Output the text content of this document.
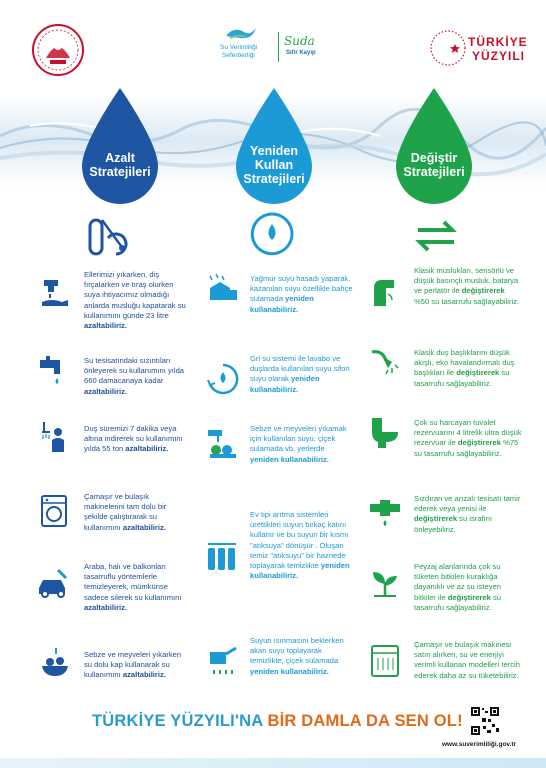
Su Verimliliği
Seferberliği
Suda
Sıfır Kayıp
TÜRKİYE
YÜZYILI
Azalt
Stratejileri
Ellerimizi yıkarken, diş fırçalarken ve tıraş olurken suya ihtiyacımız olmadığı anlarda musluğu kapatarak su kullanımını günde 23 litre azaltabiliriz.
Su tesisatındaki sızıntıları önleyerek su kullanımını yılda 660 damacanaya kadar azaltabiliriz.
Duş süremizi 7 dakika veya altına indirerek su kullanımını yılda 55 ton azaltabiliriz.
Çamaşır ve bulaşık makinelerini tam dolu bir şekilde çalıştırarak su kullanımını azaltabiliriz.
Araba, halı ve balkonları tasarruflu yöntemlerle temizleyerek, mümkünse sadece silerek su kullanımını azaltabiliriz.
Sebze ve meyveleri yıkarken su dolu kap kullanarak su kullanımını azaltabiliriz.
Yeniden
Kullan
Stratejileri
Yağmur suyu hasadı yaparak, kazanılan suyu özellikle bahçe sulamada yeniden kullanabiliriz.
Gri su sistemi ile lavabo ve duşlarda kullanılan suyu sifon suyu olarak yeniden kullanabiliriz.
Sebze ve meyveleri yıkamak için kullanılan suyu, çiçek sulamada vb. yerlerde yeniden kullanabiliriz.
Ev tipi arıtma sistemleri ürettikleri suyun birkaç katını kullanır ve bu suyun bir kısmı "atıksuya" dönüşür . Oluşan temiz "atıksuyu" bir haznede toplayarak temizlikte yeniden kullanabiliriz.
Suyun ısınmasını beklerken akan suyu toplayarak temizlikte, çiçek sulamada yeniden kullanabiliriz.
Değiştir
Stratejileri
Klasik muslukları, sensörlü ve düşük basınçlı musluk, batarya ve perlatör ile değiştirerek %50 su tasarrufu sağlayabiliriz.
Klasik duş başlıklarını düşük akışlı, eko havalandırmalı duş başlıkları ile değiştirerek su tasarrufu sağlayabiliriz.
Çok su harcayan tuvalet rezervuarını 4 litrelik ultra düşük rezervuar ile değiştirerek %75 su tasarrufu sağlayabiliriz.
Sızdıran ve arızalı tesisatı tamir ederek veya yenisi ile değiştirerek su israfını önleyebiliriz.
Peyzaj alanlarında çok su tüketen bitkileri kuraklığa dayanıklı ve az su isteyen bitkiler ile değiştirerek su tasarrufu sağlayabiliriz.
Çamaşır ve bulaşık makinesi satın alırken, su ve enerjiyi verimli kullanan modelleri tercih ederek daha az su tüketebiliriz.
TÜRKİYE YÜZYILI'NA BİR DAMLA DA SEN OL!
www.suverimliliği.gov.tr
